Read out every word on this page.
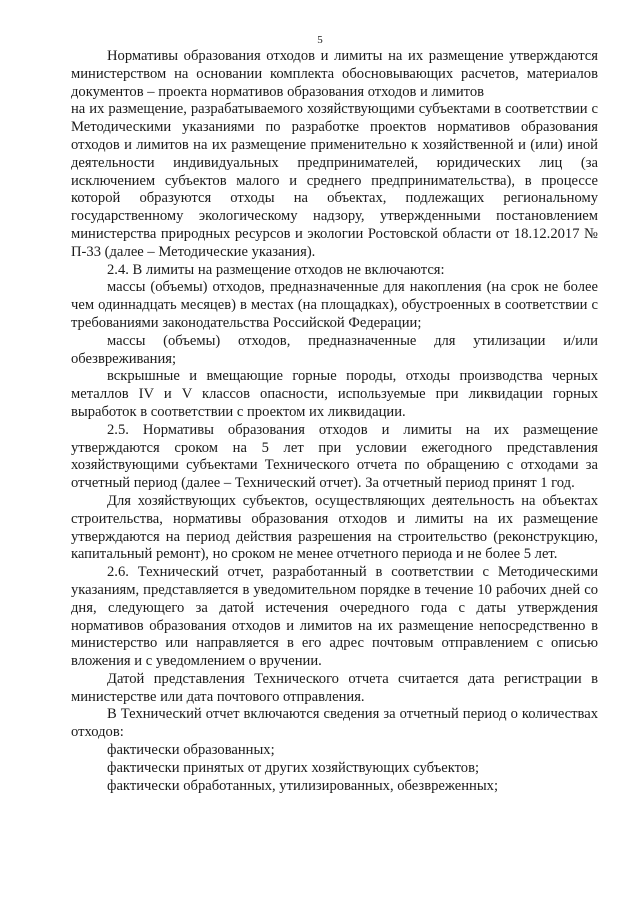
5

Нормативы образования отходов и лимиты на их размещение утверждаются министерством на основании комплекта обосновывающих расчетов, материалов документов – проекта нормативов образования отходов и лимитов

на их размещение, разрабатываемого хозяйствующими субъектами в соответствии с Методическими указаниями по разработке проектов нормативов образования отходов и лимитов на их размещение применительно к хозяйственной и (или) иной деятельности индивидуальных предпринимателей, юридических лиц (за исключением субъектов малого и среднего предпринимательства), в процессе которой образуются отходы на объектах, подлежащих региональному государственному экологическому надзору, утвержденными постановлением министерства природных ресурсов и экологии Ростовской области от 18.12.2017 № П-33 (далее – Методические указания).

2.4. В лимиты на размещение отходов не включаются:

массы (объемы) отходов, предназначенные для накопления (на срок не более чем одиннадцать месяцев) в местах (на площадках), обустроенных в соответствии с требованиями законодательства Российской Федерации;

массы (объемы) отходов, предназначенные для утилизации и/или обезвреживания;

вскрышные и вмещающие горные породы, отходы производства черных металлов IV и V классов опасности, используемые при ликвидации горных выработок в соответствии с проектом их ликвидации.

2.5. Нормативы образования отходов и лимиты на их размещение утверждаются сроком на 5 лет при условии ежегодного представления хозяйствующими субъектами Технического отчета по обращению с отходами за отчетный период (далее – Технический отчет). За отчетный период принят 1 год.

Для хозяйствующих субъектов, осуществляющих деятельность на объектах строительства, нормативы образования отходов и лимиты на их размещение утверждаются на период действия разрешения на строительство (реконструкцию, капитальный ремонт), но сроком не менее отчетного периода и не более 5 лет.

2.6. Технический отчет, разработанный в соответствии с Методическими указаниям, представляется в уведомительном порядке в течение 10 рабочих дней со дня, следующего за датой истечения очередного года с даты утверждения нормативов образования отходов и лимитов на их размещение непосредственно в министерство или направляется в его адрес почтовым отправлением с описью вложения и с уведомлением о вручении.

Датой представления Технического отчета считается дата регистрации в министерстве или дата почтового отправления.

В Технический отчет включаются сведения за отчетный период о количествах отходов:

фактически образованных;

фактически принятых от других хозяйствующих субъектов;

фактически обработанных, утилизированных, обезвреженных;
